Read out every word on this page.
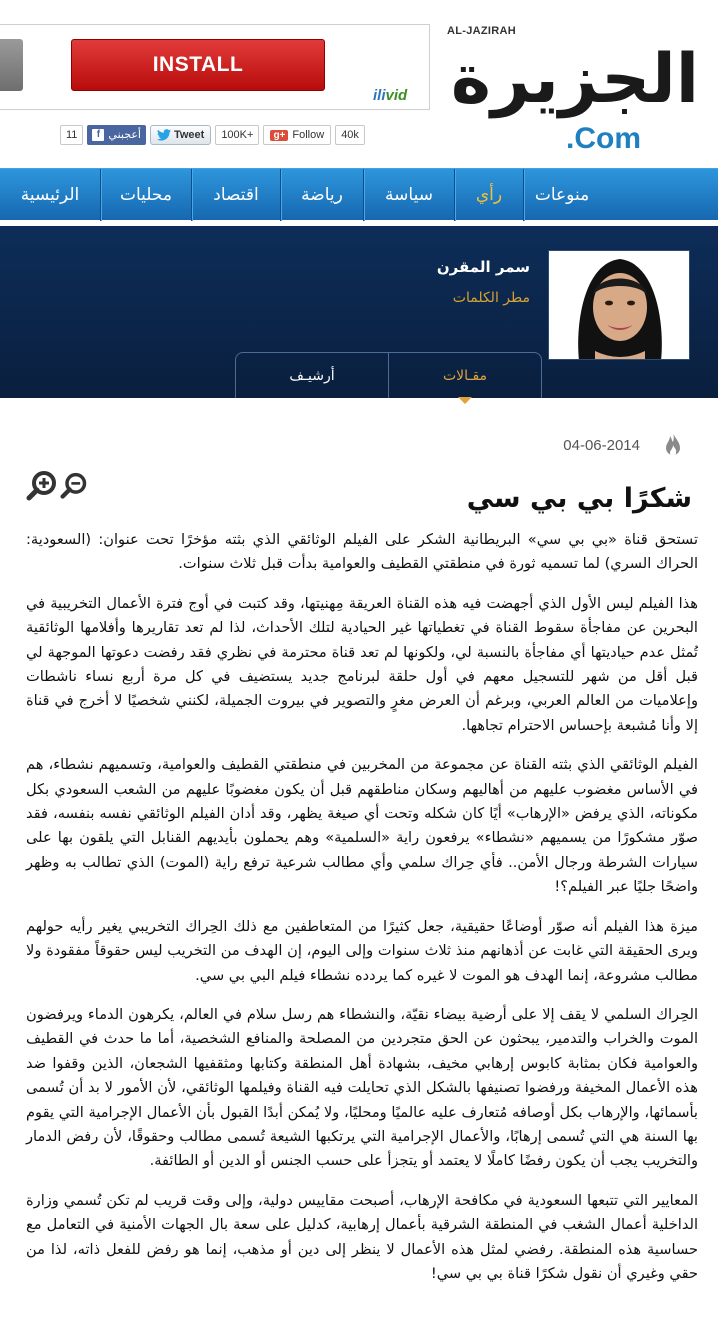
INSTALL
ilivid
AL-JAZIRAH
الجزيرة
.Com
11	f أعجبني	Tweet	100K+	g+ Follow	40k
الرئيسية	محليات	اقتصاد	رياضة	سياسة	رأي	منوعات
سمر المقرن
مطر الكلمات
مقـالات
أرشيـف
04-06-2014
شكرًا بي بي سي

تستحق قناة «بي بي سي» البريطانية الشكر على الفيلم الوثائقي الذي بثته مؤخرًا تحت عنوان: (السعودية: الحراك السري) لما تسميه ثورة في منطقتي القطيف والعوامية بدأت قبل ثلاث سنوات.

هذا الفيلم ليس الأول الذي أجهضت فيه هذه القناة العريقة مِهنيتها، وقد كتبت في أوج فترة الأعمال التخريبية في البحرين عن مفاجأة سقوط القناة في تغطياتها غير الحيادية لتلك الأحداث، لذا لم تعد تقاريرها وأفلامها الوثائقية تُمثل عدم حياديتها أي مفاجأة بالنسبة لي، ولكونها لم تعد قناة محترمة في نظري فقد رفضت دعوتها الموجهة لي قبل أقل من شهر للتسجيل معهم في أول حلقة لبرنامج جديد يستضيف في كل مرة أربع نساء ناشطات وإعلاميات من العالم العربي، وبرغم أن العرض مغرٍ والتصوير في بيروت الجميلة، لكنني شخصيًا لا أخرج في قناة إلا وأنا مُشبعة بإحساس الاحترام تجاهها.

الفيلم الوثائقي الذي بثته القناة عن مجموعة من المخربين في منطقتي القطيف والعوامية، وتسميهم نشطاء، هم في الأساس مغضوب عليهم من أهاليهم وسكان مناطقهم قبل أن يكون مغضوبًا عليهم من الشعب السعودي بكل مكوناته، الذي يرفض «الإرهاب» أيًا كان شكله وتحت أي صيغة يظهر، وقد أدان الفيلم الوثائقي نفسه بنفسه، فقد صوّر مشكورًا من يسميهم «نشطاء» يرفعون راية «السلمية» وهم يحملون بأيديهم القنابل التي يلقون بها على سيارات الشرطة ورجال الأمن.. فأي حِراك سلمي وأي مطالب شرعية ترفع راية (الموت) الذي تطالب به وظهر واضحًا جليًا عبر الفيلم؟!

ميزة هذا الفيلم أنه صوّر أوضاعًا حقيقية، جعل كثيرًا من المتعاطفين مع ذلك الحِراك التخريبي يغير رأيه حولهم ويرى الحقيقة التي غابت عن أذهانهم منذ ثلاث سنوات وإلى اليوم، إن الهدف من التخريب ليس حقوقاً مفقودة ولا مطالب مشروعة، إنما الهدف هو الموت لا غيره كما يردده نشطاء فيلم البي بي سي.

الحِراك السلمي لا يقف إلا على أرضية بيضاء نقيّة، والنشطاء هم رسل سلام في العالم، يكرهون الدماء ويرفضون الموت والخراب والتدمير، يبحثون عن الحق متجردين من المصلحة والمنافع الشخصية، أما ما حدث في القطيف والعوامية فكان بمثابة كابوس إرهابي مخيف، بشهادة أهل المنطقة وكتابها ومثقفيها الشجعان، الذين وقفوا ضد هذه الأعمال المخيفة ورفضوا تصنيفها بالشكل الذي تحايلت فيه القناة وفيلمها الوثائقي، لأن الأمور لا بد أن تُسمى بأسمائها، والإرهاب بكل أوصافه مُتعارف عليه عالميًا ومحليًا، ولا يُمكن أبدًا القبول بأن الأعمال الإجرامية التي يقوم بها السنة هي التي تُسمى إرهابًا، والأعمال الإجرامية التي يرتكبها الشيعة تُسمى مطالب وحقوقًا، لأن رفض الدمار والتخريب يجب أن يكون رفضًا كاملًا لا يعتمد أو يتجزأ على حسب الجنس أو الدين أو الطائفة.

المعايير التي تتبعها السعودية في مكافحة الإرهاب، أصبحت مقاييس دولية، وإلى وقت قريب لم تكن تُسمي وزارة الداخلية أعمال الشغب في المنطقة الشرقية بأعمال إرهابية، كدليل على سعة بال الجهات الأمنية في التعامل مع حساسية هذه المنطقة. رفضي لمثل هذه الأعمال لا ينظر إلى دين أو مذهب، إنما هو رفض للفعل ذاته، لذا من حقي وغيري أن نقول شكرًا قناة بي بي سي!
